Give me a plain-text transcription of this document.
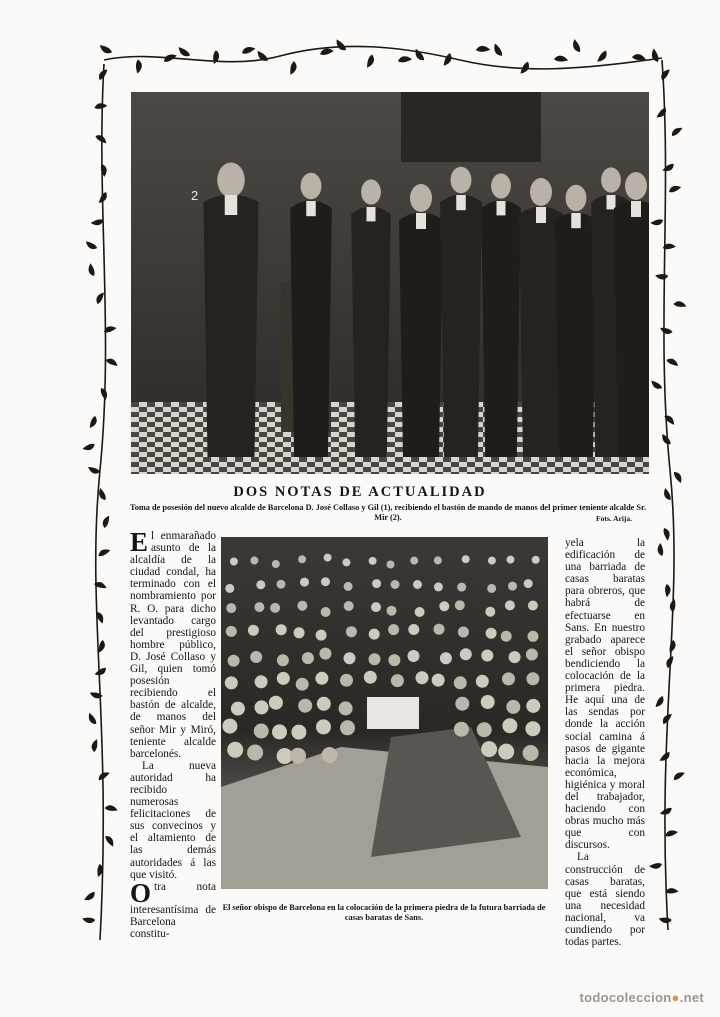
2
DOS NOTAS DE ACTUALIDAD
Toma de posesión del nuevo alcalde de Barcelona D. José Collaso y Gil (1), recibiendo el bastón de mando de manos del primer teniente alcalde Sr. Mir (2).	Fots. Arija.

El enmarañado asunto de la alcaldía de la ciudad condal, ha terminado con el nombramiento por R. O. para dicho levantado cargo del prestigioso hombre público, D. José Collaso y Gil, quien tomó posesión recibiendo el bastón de alcalde, de manos del señor Mir y Miró, teniente alcalde barcelonés.

La nueva autoridad ha recibido numerosas felicitaciones de sus convecinos y el altamiento de las demás autoridades á las que visitó.

Otra nota interesantísima de Barcelona constitu-

yela la edificación de una barriada de casas baratas para obreros, que habrá de efectuarse en Sans. En nuestro grabado aparece el señor obispo bendiciendo la colocación de la primera piedra. He aquí una de las sendas por donde la acción social camina á pasos de gigante hacia la mejora económica, higiénica y moral del trabajador, haciendo con obras mucho más que con discursos.

La construcción de casas baratas, que está siendo una necesidad nacional, va cundiendo por todas partes.

El señor obispo de Barcelona en la colocación de la primera piedra de la futura barriada de casas baratas de Sans.
todocoleccion●.net
